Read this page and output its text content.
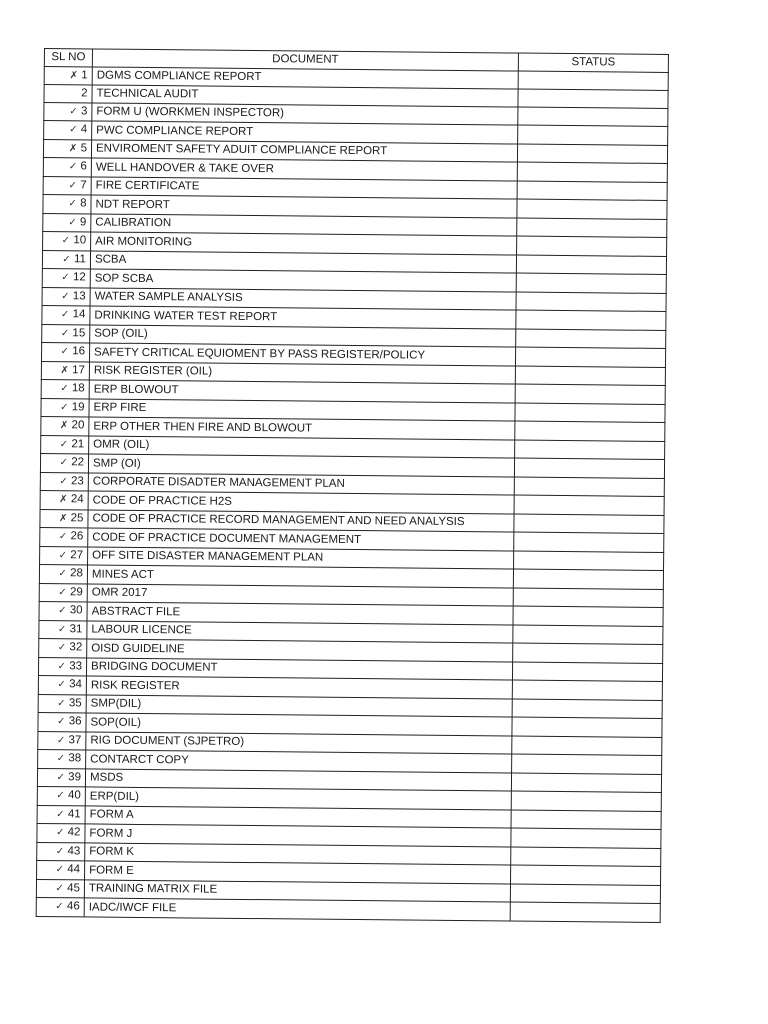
SL NO	DOCUMENT	STATUS
✗ 1	DGMS COMPLIANCE REPORT	
2	TECHNICAL AUDIT	
✓ 3	FORM U (WORKMEN INSPECTOR)	
✓ 4	PWC COMPLIANCE REPORT	
✗ 5	ENVIROMENT SAFETY ADUIT COMPLIANCE REPORT	
✓ 6	WELL HANDOVER & TAKE OVER	
✓ 7	FIRE CERTIFICATE	
✓ 8	NDT REPORT	
✓ 9	CALIBRATION	
✓ 10	AIR MONITORING	
✓ 11	SCBA	
✓ 12	SOP SCBA	
✓ 13	WATER SAMPLE ANALYSIS	
✓ 14	DRINKING WATER TEST REPORT	
✓ 15	SOP (OIL)	
✓ 16	SAFETY CRITICAL EQUIOMENT BY PASS REGISTER/POLICY	
✗ 17	RISK REGISTER (OIL)	
✓ 18	ERP BLOWOUT	
✓ 19	ERP FIRE	
✗ 20	ERP OTHER THEN FIRE AND BLOWOUT	
✓ 21	OMR (OIL)	
✓ 22	SMP (OI)	
✓ 23	CORPORATE DISADTER MANAGEMENT PLAN	
✗ 24	CODE OF PRACTICE H2S	
✗ 25	CODE OF PRACTICE RECORD MANAGEMENT AND NEED ANALYSIS	
✓ 26	CODE OF PRACTICE DOCUMENT MANAGEMENT	
✓ 27	OFF SITE DISASTER MANAGEMENT PLAN	
✓ 28	MINES ACT	
✓ 29	OMR 2017	
✓ 30	ABSTRACT FILE	
✓ 31	LABOUR LICENCE	
✓ 32	OISD GUIDELINE	
✓ 33	BRIDGING DOCUMENT	
✓ 34	RISK REGISTER	
✓ 35	SMP(DIL)	
✓ 36	SOP(OIL)	
✓ 37	RIG DOCUMENT (SJPETRO)	
✓ 38	CONTARCT COPY	
✓ 39	MSDS	
✓ 40	ERP(DIL)	
✓ 41	FORM A	
✓ 42	FORM J	
✓ 43	FORM K	
✓ 44	FORM E	
✓ 45	TRAINING MATRIX FILE	
✓ 46	IADC/IWCF FILE	
